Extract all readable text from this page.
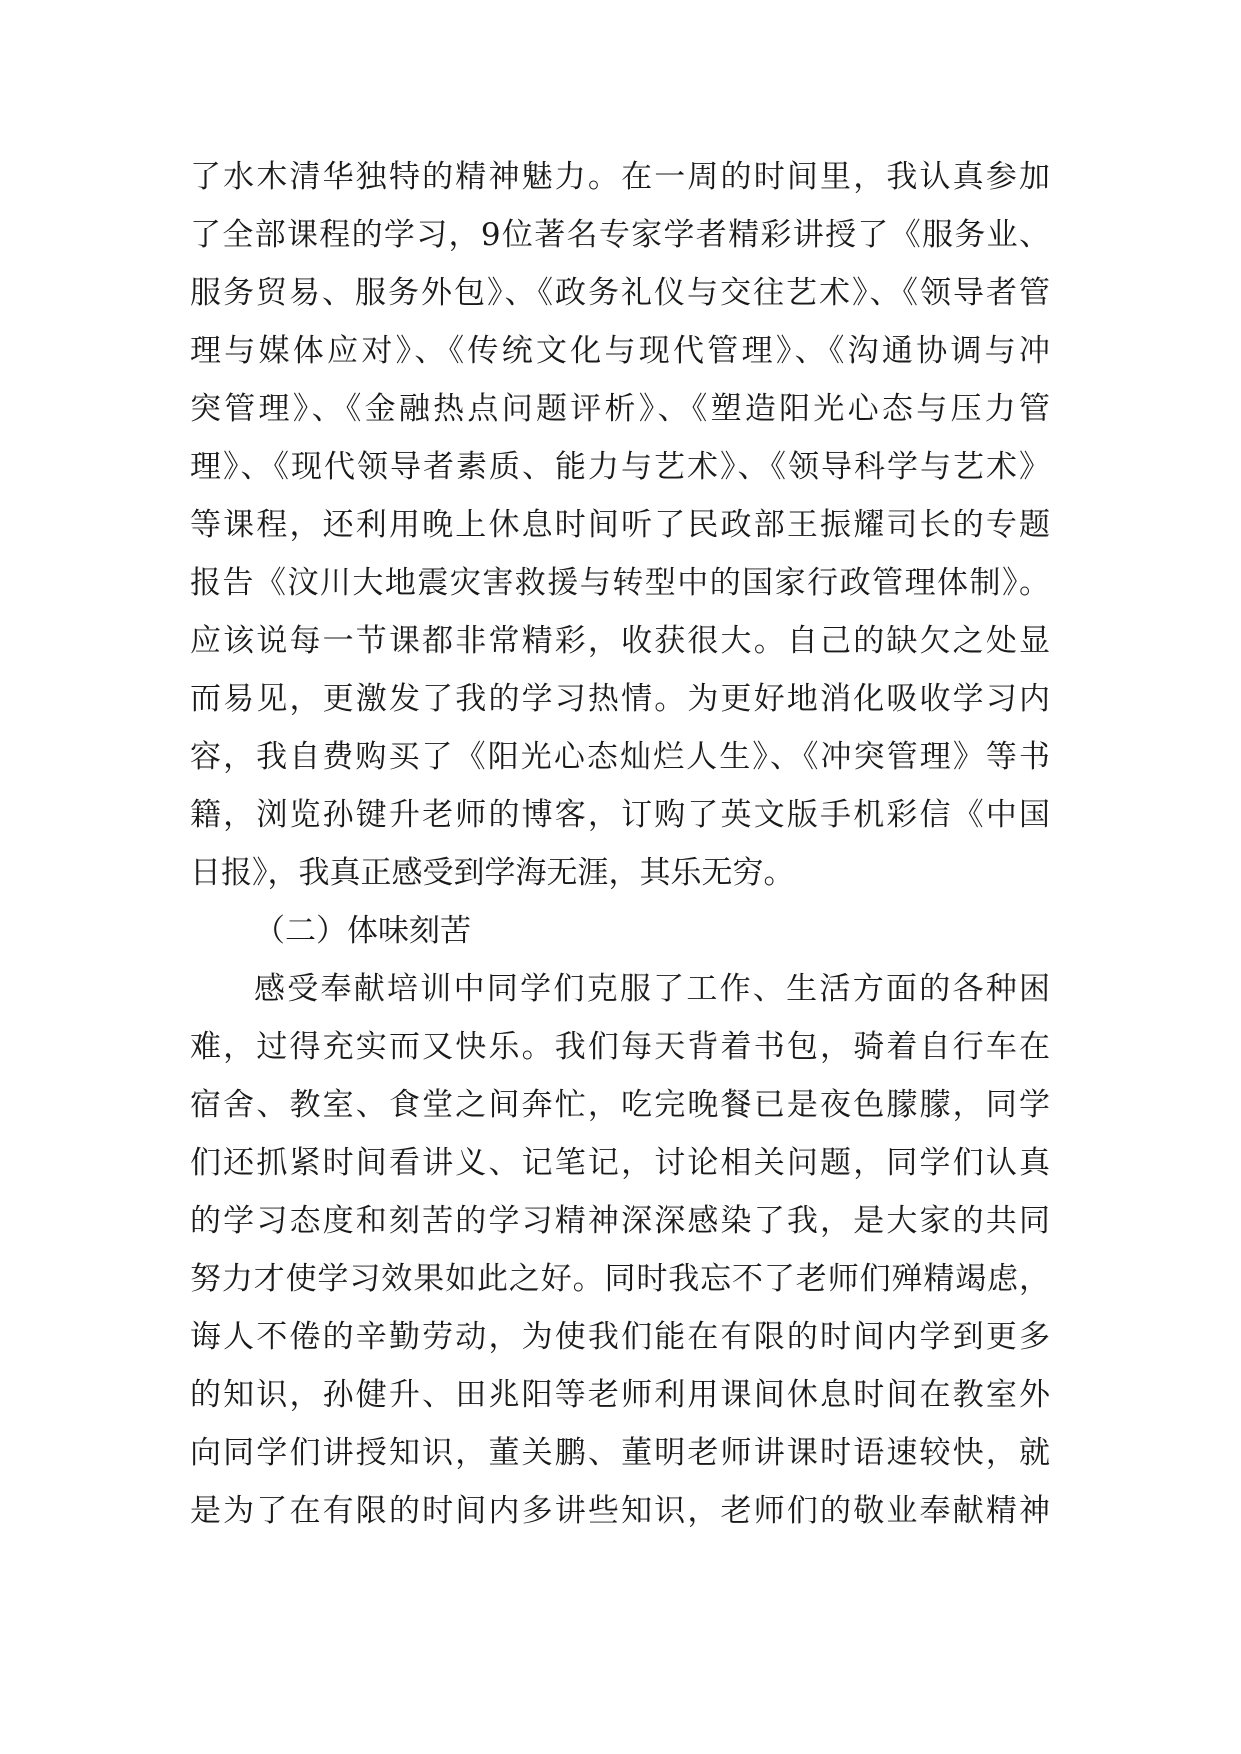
了水木清华独特的精神魅力。在一周的时间里，我认真参加
了全部课程的学习，9位著名专家学者精彩讲授了《服务业、
服务贸易、服务外包》、《政务礼仪与交往艺术》、《领导者管
理与媒体应对》、《传统文化与现代管理》、《沟通协调与冲
突管理》、《金融热点问题评析》、《塑造阳光心态与压力管
理》、《现代领导者素质、能力与艺术》、《领导科学与艺术》
等课程，还利用晚上休息时间听了民政部王振耀司长的专题
报告《汶川大地震灾害救援与转型中的国家行政管理体制》。
应该说每一节课都非常精彩，收获很大。自己的缺欠之处显
而易见，更激发了我的学习热情。为更好地消化吸收学习内
容，我自费购买了《阳光心态灿烂人生》、《冲突管理》等书
籍，浏览孙键升老师的博客，订购了英文版手机彩信《中国
日报》，我真正感受到学海无涯，其乐无穷。
（二）体味刻苦
感受奉献培训中同学们克服了工作、生活方面的各种困
难，过得充实而又快乐。我们每天背着书包，骑着自行车在
宿舍、教室、食堂之间奔忙，吃完晚餐已是夜色朦朦，同学
们还抓紧时间看讲义、记笔记，讨论相关问题，同学们认真
的学习态度和刻苦的学习精神深深感染了我，是大家的共同
努力才使学习效果如此之好。同时我忘不了老师们殚精竭虑，
诲人不倦的辛勤劳动，为使我们能在有限的时间内学到更多
的知识，孙健升、田兆阳等老师利用课间休息时间在教室外
向同学们讲授知识，董关鹏、董明老师讲课时语速较快，就
是为了在有限的时间内多讲些知识，老师们的敬业奉献精神
